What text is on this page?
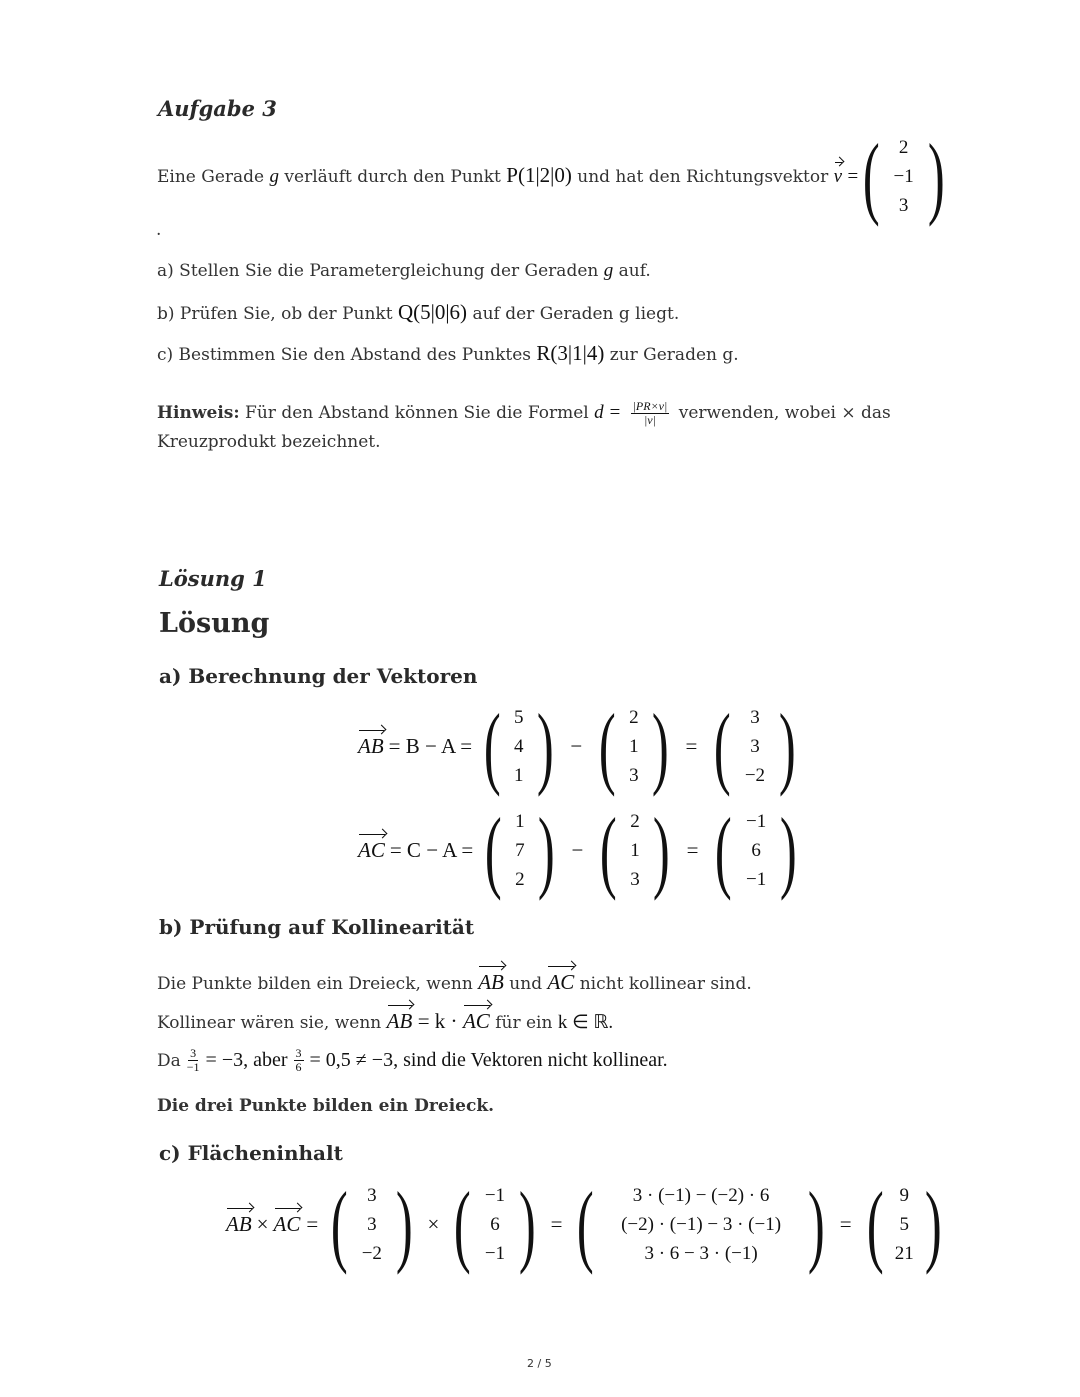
Aufgabe 3
Eine Gerade g verläuft durch den Punkt P(1|2|0) und hat den Richtungsvektor v = ( 2
−1
3 )
.
a) Stellen Sie die Parametergleichung der Geraden g auf.
b) Prüfen Sie, ob der Punkt Q(5|0|6) auf der Geraden g liegt.
c) Bestimmen Sie den Abstand des Punktes R(3|1|4) zur Geraden g.
Hinweis: Für den Abstand können Sie die Formel $d = \frac{|PR\times v|}{|v|}$ verwenden, wobei × das
Kreuzprodukt bezeichnet.
Lösung 1
Lösung
a) Berechnung der Vektoren
AB = B − A = ( 5
4
1 ) − ( 2
1
3 ) = ( 3
3
−2 )
AC = C − A = ( 1
7
2 ) − ( 2
1
3 ) = ( −1
6
−1 )
b) Prüfung auf Kollinearität
Die Punkte bilden ein Dreieck, wenn AB und AC nicht kollinear sind.
Kollinear wären sie, wenn AB = k · AC für ein k ∈ ℝ.
Da $\frac{3}{-1} = -3$, aber $\frac{3}{6} = 0,5 \ne -3$, sind die Vektoren nicht kollinear.
Die drei Punkte bilden ein Dreieck.
c) Flächeninhalt
AB × AC = ( 3
3
−2 ) × ( −1
6
−1 ) = ( 3 · (−1) − (−2) · 6
(−2) · (−1) − 3 · (−1)
3 · 6 − 3 · (−1) ) = ( 9
5
21 )
2 / 5
